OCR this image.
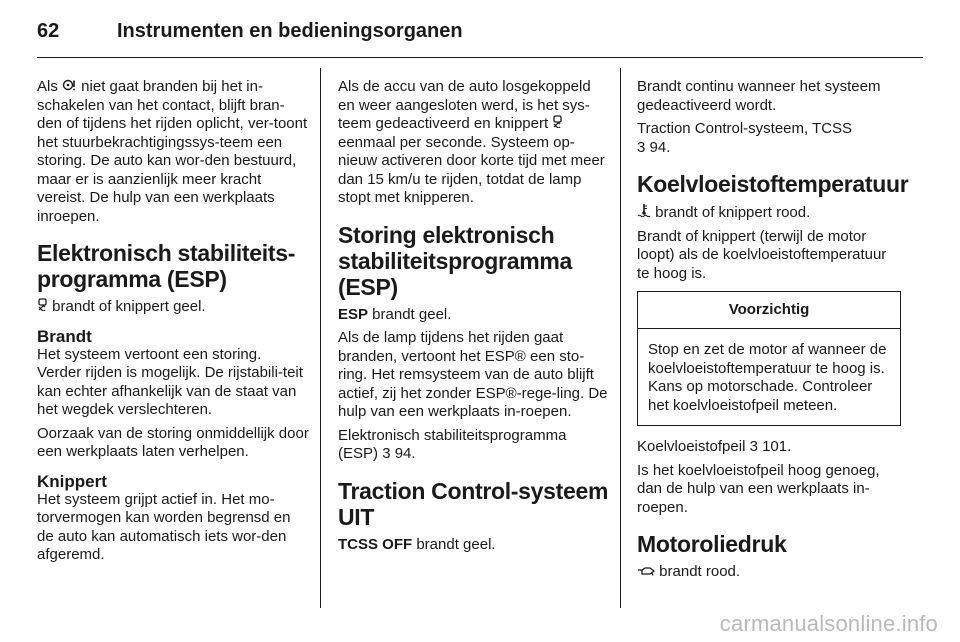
62	Instrumenten en bedieningsorganen

Als  niet gaat branden bij het in-schakelen van het contact, blijft bran-den of tijdens het rijden oplicht, ver-toont het stuurbekrachtigingssys-teem een storing. De auto kan wor-den bestuurd, maar er is aanzienlijk meer kracht vereist. De hulp van een werkplaats inroepen.

Elektronisch stabiliteits-programma (ESP)

brandt of knippert geel.

Brandt

Het systeem vertoont een storing. Verder rijden is mogelijk. De rijstabili-teit kan echter afhankelijk van de staat van het wegdek verslechteren.

Oorzaak van de storing onmiddellijk door een werkplaats laten verhelpen.

Knippert

Het systeem grijpt actief in. Het mo-torvermogen kan worden begrensd en de auto kan automatisch iets wor-den afgeremd.

Als de accu van de auto losgekoppeld en weer aangesloten werd, is het sys-teem gedeactiveerd en knippert  eenmaal per seconde. Systeem op-nieuw activeren door korte tijd met meer dan 15 km/u te rijden, totdat de lamp stopt met knipperen.

Storing elektronisch stabiliteitsprogramma (ESP)

ESP brandt geel.

Als de lamp tijdens het rijden gaat branden, vertoont het ESP® een sto-ring. Het remsysteem van de auto blijft actief, zij het zonder ESP®-rege-ling. De hulp van een werkplaats in-roepen.

Elektronisch stabiliteitsprogramma (ESP) 3 94.

Traction Control-systeem UIT

TCSS OFF brandt geel.

Brandt continu wanneer het systeem gedeactiveerd wordt.

Traction Control-systeem, TCSS
3 94.

Koelvloeistoftemperatuur

brandt of knippert rood.

Brandt of knippert (terwijl de motor loopt) als de koelvloeistoftemperatuur te hoog is.

Voorzichtig
Stop en zet de motor af wanneer de koelvloeistoftemperatuur te hoog is. Kans op motorschade. Controleer het koelvloeistofpeil meteen.

Koelvloeistofpeil 3 101.

Is het koelvloeistofpeil hoog genoeg, dan de hulp van een werkplaats in-roepen.

Motoroliedruk

brandt rood.

carmanualsonline.info
